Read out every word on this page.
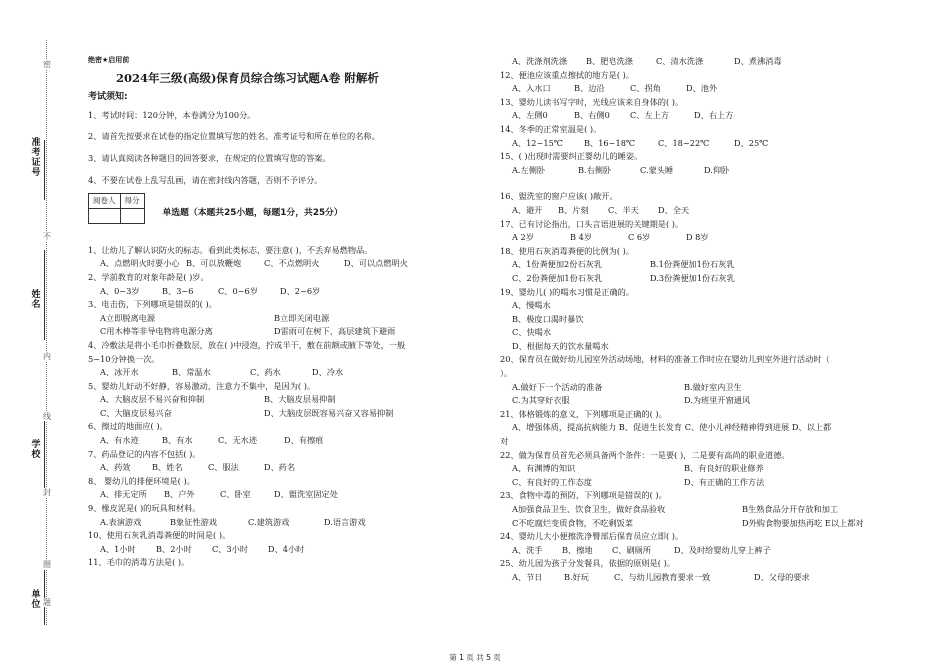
准考证号
姓名
学校
单位
密
不
内
线
封
圈
题
绝密★启用前
2024年三级(高级)保育员综合练习试题A卷 附解析
考试须知:

1、考试时间：120分钟，本卷满分为100分。

2、请首先按要求在试卷的指定位置填写您的姓名、准考证号和所在单位的名称。

3、请认真阅读各种题目的回答要求，在规定的位置填写您的答案。

4、不要在试卷上乱写乱画，请在密封线内答题，否则不予评分。

阅卷人	得分

单选题（本题共25小题，每题1分，共25分）

1、让幼儿了解认识防火的标志。看到此类标志，要注意( )，不丢弃易燃物品。

A、点燃明火时要小心 B、可以放鞭炮	C、不点燃明火	D、可以点燃明火

2、学前教育的对象年龄是( )岁。

A、0~3岁	B、3~6	C、0~6岁	D、2~6岁

3、电击伤，下列哪项是错误的( )。

A立即脱离电源	B立即关闭电源
C用木棒等非导电物将电源分离	D雷雨可在树下、高层建筑下避雨

4、冷敷法是将小毛巾折叠数层，放在( )中浸泡，拧成半干，敷在前额或腋下等处，一般

5~10分钟换一次。

A、冰开水	B、常温水	C、药水	D、冷水

5、婴幼儿好动不好静，容易激动，注意力不集中，是因为( )。

A、大脑皮层不易兴奋和抑制	B、大脑皮层易抑制
C、大脑皮层易兴奋	D、大脑皮层既容易兴奋又容易抑制

6、擦过的地面应( )。

A、有水迹	B、有水	C、无水迹	D、有擦痕

7、药品登记的内容不包括( )。

A、药效	B、姓名	C、服法	D、药名

8、 婴幼儿的排便环境是( )。

A、排无定所	B、户外	C、卧室	D、盥洗室固定处

9、橡皮泥是( )的玩具和材料。

A.表演游戏	B象征性游戏	C.建筑游戏	D.语言游戏

10、使用石灰乳消毒粪便的时间是( )。

A、1小时	B、2小时	C、3小时	D、4小时

11、毛巾的消毒方法是( )。

A、洗涤剂洗涤	B、肥皂洗涤	C、清水洗涤	D、煮沸消毒

12、便池应该重点擦拭的地方是( )。

A、入水口	B、边沿	C、拐角	D、池外

13、婴幼儿读书写字时，光线应该来自身体的( )。

A、左侧0	B、右侧0	C、左上方	D、右上方

14、冬季的正常室温是( )。

A、12~15℃	B、16~18℃	C、18~22℃	D、25℃

15、( )出现时需要纠正婴幼儿的睡姿。

A.左侧卧	B.右侧卧	C.蒙头睡	D.仰卧

16、盥洗室的窗户应该( )敞开。

A、避开	B、片刻	C、半天	D、全天

17、已有讨论指出，口头言语进展的关键期是( )。

A 2岁	B 4岁	C 6岁	D 8岁

18、使用石灰消毒粪便的比例为( )。

A、1份粪便加2份石灰乳	B.1份粪便加1份石灰乳
C、2份粪便加1份石灰乳	D.3份粪便加1份石灰乳

19、婴幼儿( )的喝水习惯是正确的。

A、慢喝水

B、极度口渴时暴饮

C、快喝水

D、根据每天的饮水量喝水

20、保育员在做好幼儿园室外活动场地，材料的准备工作时应在婴幼儿到室外进行活动时（

）。

A.做好下一个活动的准备	B.做好室内卫生
C.为其穿好衣服	D.为班里开窗通风

21、体格锻炼的意义，下列哪项是正确的( )。

A、增强体质，提高抗病能力 B、促进生长发育 C、使小儿神经精神得到进展 D、以上都

对

22、做为保育员首先必须具备两个条件：一是要( )，二是要有高尚的职业道德。

A、有渊博的知识	B、有良好的职业修养
C、有良好的工作态度	D、有正确的工作方法

23、食物中毒的预防，下列哪项是错误的( )。

A加强食品卫生、饮食卫生，做好食品验收	B生熟食品分开存放和加工
C不吃腐烂变质食物，不吃剩饭菜	D外购食物要加热再吃 E以上都对

24、婴幼儿大小便擦洗净臀部后保育员应立即( )。

A、洗手	B、擦地	C、刷厕所	D、及时给婴幼儿穿上裤子

25、幼儿园为孩子分发餐具，依据的原则是( )。

A、节日	B.好玩	C、与幼儿园教育要求一致	D、父母的要求
第 1 页 共 5 页
